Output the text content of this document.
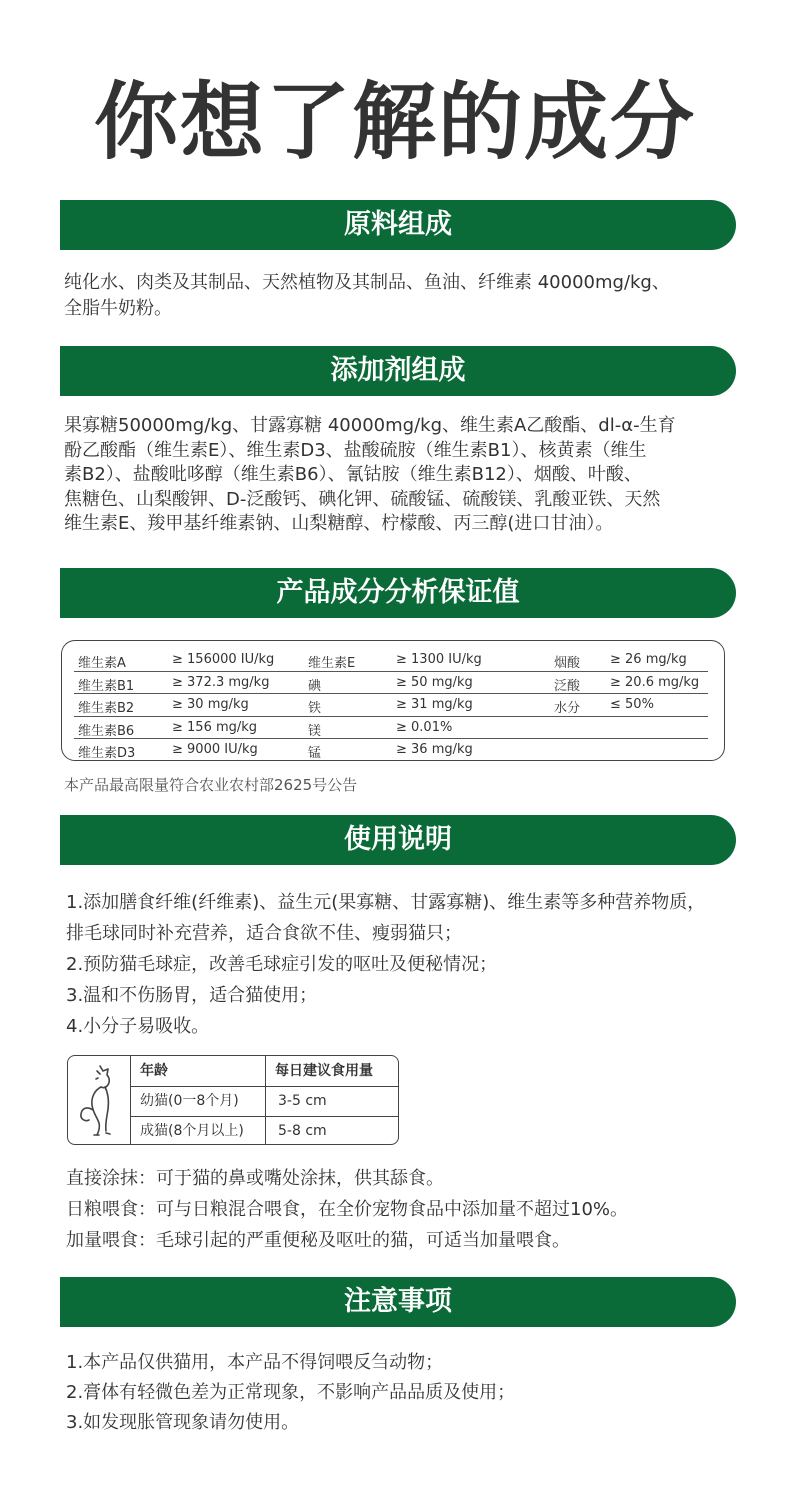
你想了解的成分
原料组成
纯化水、肉类及其制品、天然植物及其制品、鱼油、纤维素 40000mg/kg、
全脂牛奶粉。
添加剂组成
果寡糖50000mg/kg、甘露寡糖 40000mg/kg、维生素A乙酸酯、dl-α-生育
酚乙酸酯（维生素E）、维生素D3、盐酸硫胺（维生素B1）、核黄素（维生
素B2）、盐酸吡哆醇（维生素B6）、氰钴胺（维生素B12）、烟酸、叶酸、
焦糖色、山梨酸钾、D-泛酸钙、碘化钾、硫酸锰、硫酸镁、乳酸亚铁、天然
维生素E、羧甲基纤维素钠、山梨糖醇、柠檬酸、丙三醇(进口甘油）。
产品成分分析保证值
维生素A	≥ 156000 IU/kg	维生素E	≥ 1300 IU/kg	烟酸 ≥ 26 mg/kg
维生素B1	≥ 372.3 mg/kg	碘	≥ 50 mg/kg	泛酸 ≥ 20.6 mg/kg
维生素B2	≥ 30 mg/kg	铁	≥ 31 mg/kg	水分 ≤ 50%
维生素B6	≥ 156 mg/kg	镁	≥ 0.01%
维生素D3	≥ 9000 IU/kg	锰	≥ 36 mg/kg
本产品最高限量符合农业农村部2625号公告
使用说明
1.添加膳食纤维(纤维素)、益生元(果寡糖、甘露寡糖)、维生素等多种营养物质，
排毛球同时补充营养，适合食欲不佳、瘦弱猫只；
2.预防猫毛球症，改善毛球症引发的呕吐及便秘情况；
3.温和不伤肠胃，适合猫使用；
4.小分子易吸收。
年龄	每日建议食用量
幼猫(0一8个月)	3-5 cm
成猫(8个月以上) 5-8 cm
直接涂抹：可于猫的鼻或嘴处涂抹，供其舔食。
日粮喂食：可与日粮混合喂食，在全价宠物食品中添加量不超过10%。
加量喂食：毛球引起的严重便秘及呕吐的猫，可适当加量喂食。
注意事项
1.本产品仅供猫用，本产品不得饲喂反刍动物；
2.膏体有轻微色差为正常现象，不影响产品品质及使用；
3.如发现胀管现象请勿使用。
